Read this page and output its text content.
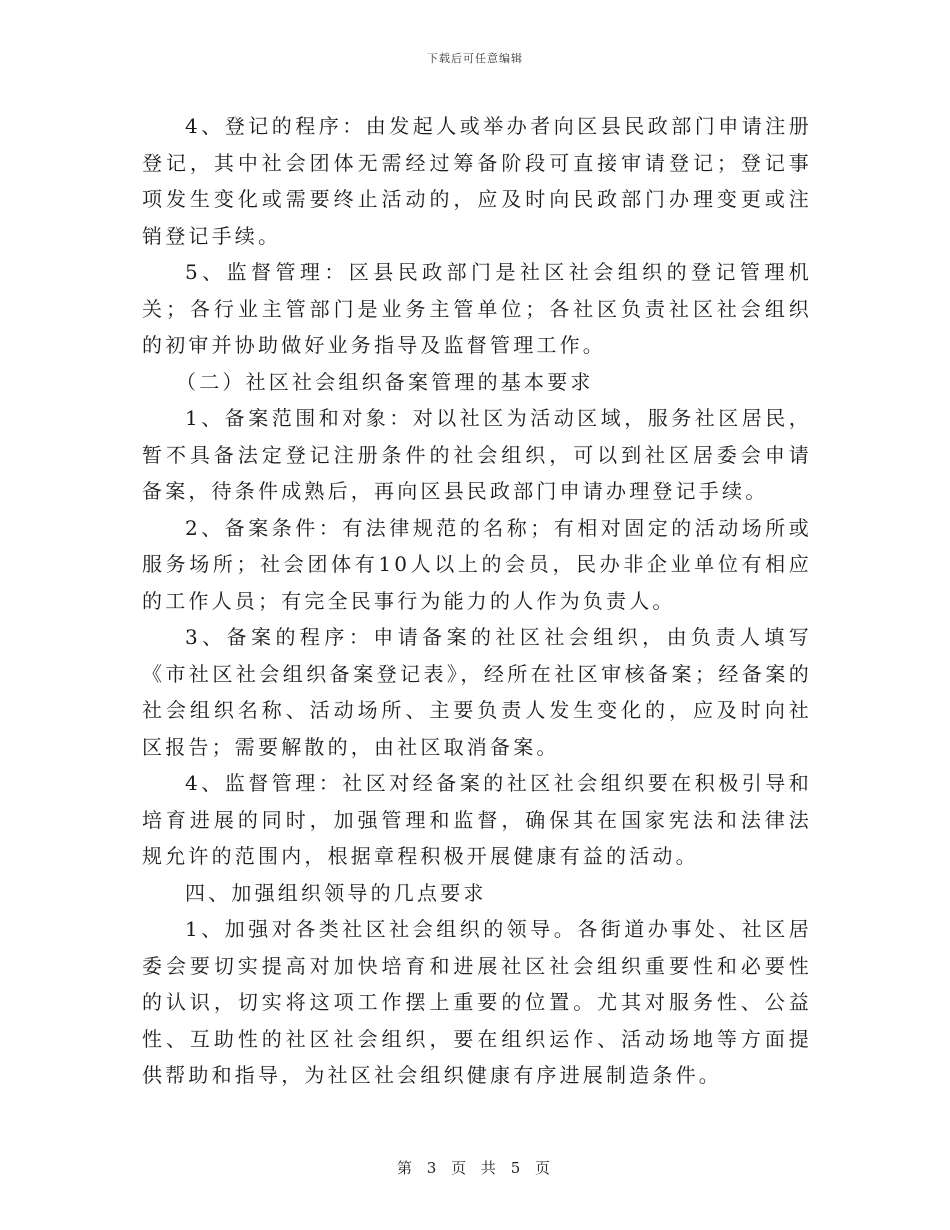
下载后可任意编辑

4、登记的程序：由发起人或举办者向区县民政部门申请注册登记，其中社会团体无需经过筹备阶段可直接审请登记；登记事项发生变化或需要终止活动的，应及时向民政部门办理变更或注销登记手续。

5、监督管理：区县民政部门是社区社会组织的登记管理机关；各行业主管部门是业务主管单位；各社区负责社区社会组织的初审并协助做好业务指导及监督管理工作。

（二）社区社会组织备案管理的基本要求

1、备案范围和对象：对以社区为活动区域，服务社区居民，暂不具备法定登记注册条件的社会组织，可以到社区居委会申请备案，待条件成熟后，再向区县民政部门申请办理登记手续。

2、备案条件：有法律规范的名称；有相对固定的活动场所或服务场所；社会团体有10人以上的会员，民办非企业单位有相应的工作人员；有完全民事行为能力的人作为负责人。

3、备案的程序：申请备案的社区社会组织，由负责人填写《市社区社会组织备案登记表》，经所在社区审核备案；经备案的社会组织名称、活动场所、主要负责人发生变化的，应及时向社区报告；需要解散的，由社区取消备案。

4、监督管理：社区对经备案的社区社会组织要在积极引导和培育进展的同时，加强管理和监督，确保其在国家宪法和法律法规允许的范围内，根据章程积极开展健康有益的活动。

四、加强组织领导的几点要求

1、加强对各类社区社会组织的领导。各街道办事处、社区居委会要切实提高对加快培育和进展社区社会组织重要性和必要性的认识，切实将这项工作摆上重要的位置。尤其对服务性、公益性、互助性的社区社会组织，要在组织运作、活动场地等方面提供帮助和指导，为社区社会组织健康有序进展制造条件。

第 3 页 共 5 页
